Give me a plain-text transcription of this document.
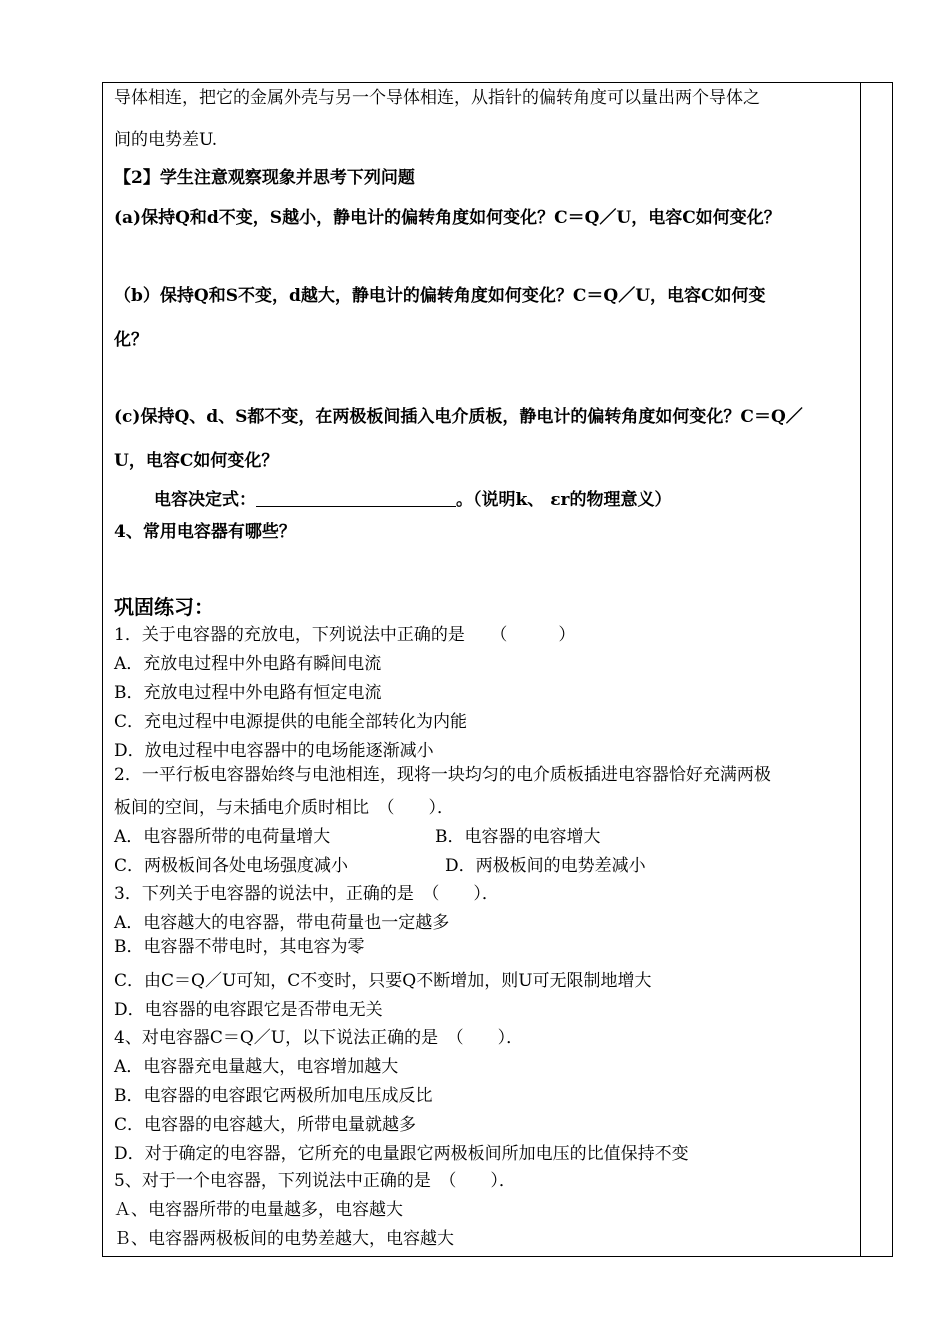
导体相连，把它的金属外壳与另一个导体相连，从指针的偏转角度可以量出两个导体之
间的电势差U.
【2】学生注意观察现象并思考下列问题
(a)保持Q和d不变，S越小，静电计的偏转角度如何变化？C＝Q／U，电容C如何变化？
（b）保持Q和S不变，d越大，静电计的偏转角度如何变化？C＝Q／U，电容C如何变
化？
(c)保持Q、d、S都不变，在两极板间插入电介质板，静电计的偏转角度如何变化？C＝Q／
U，电容C如何变化？
电容决定式：	。（说明k、 εr的物理意义）
4、常用电容器有哪些？
巩固练习：
1．关于电容器的充放电，下列说法中正确的是　　（　　　）
A．充放电过程中外电路有瞬间电流
B．充放电过程中外电路有恒定电流
C．充电过程中电源提供的电能全部转化为内能
D．放电过程中电容器中的电场能逐渐减小
2．一平行板电容器始终与电池相连，现将一块均匀的电介质板插进电容器恰好充满两极
板间的空间，与未插电介质时相比　（　　）．
A．电容器所带的电荷量增大	B．电容器的电容增大
C．两极板间各处电场强度减小	D．两极板间的电势差减小
3．下列关于电容器的说法中，正确的是　（　　）．
A．电容越大的电容器，带电荷量也一定越多
B．电容器不带电时，其电容为零
C．由C＝Q／U可知，C不变时，只要Q不断增加，则U可无限制地增大
D．电容器的电容跟它是否带电无关
4、对电容器C＝Q／U，以下说法正确的是　（　　）．
A．电容器充电量越大，电容增加越大
B．电容器的电容跟它两极所加电压成反比
C．电容器的电容越大，所带电量就越多
D．对于确定的电容器，它所充的电量跟它两极板间所加电压的比值保持不变
5、对于一个电容器，下列说法中正确的是　（　　）．
Ａ、电容器所带的电量越多，电容越大
Ｂ、电容器两极板间的电势差越大，电容越大
